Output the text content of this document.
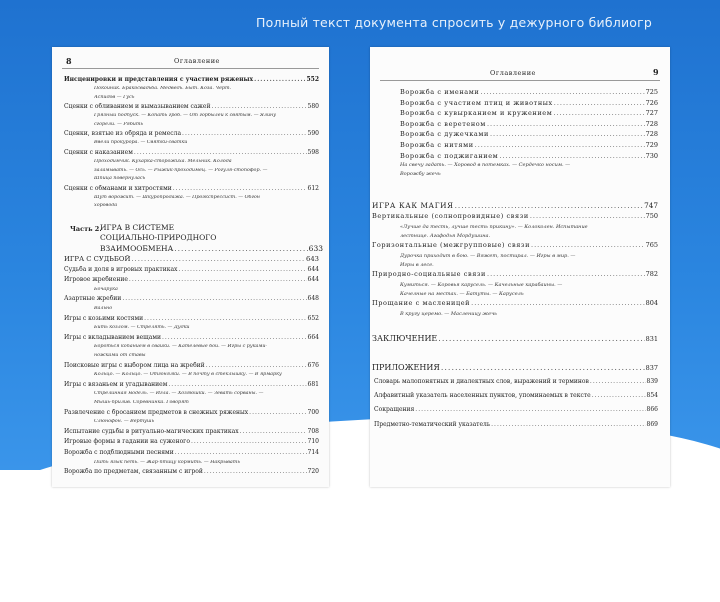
Полный текст документа спросить у дежурного библиогр
8	Оглавление
Инсценировки и представления с участием ряженых .....	552
Покойник. Бракосвадьба. Медведь. Быт. Коза. Черт.
Аспидов — Гусь
Сценки с обливанием и вымазыванием сажей .....	580
Грязный подпуск. — Копать гроб. — От горбылей к святым. — Ялину
сгорели. — Рябить
Сценки, взятые из обряда и ремесла .....	590
Ввели прокурора. — Святки-сватки
Сценки с наказанием .....	598
Проходимчик. Кухарка-сторожиха. Мельник. Колода
заламывать. — Ось. — Рыжик-проходимец. — Рогуля-стопофор. —
Шпица повернулась
Сценки с обманами и хитростями .....	612
Шут ворожит. — Шкуропродажа. — Проэкспрессист. — Обгон
хоровода
Часть 2.
ИГРА В СИСТЕМЕ
СОЦИАЛЬНО-ПРИРОДНОГО
ВЗАИМООБМЕНА .....	633
ИГРА С СУДЬБОЙ .....	643
Судьба и доля в игровых практиках .....	644
Игровое жребиение .....	644
Бочарука
Азартные жребии .....	648
Вально
Игры с козьими костями .....	652
Бить козлом. — Стрелять. — Дудки
Игры с вкладыванием вещами .....	664
Бороться копанием в свайки. — Кателевые бои. — Игры с руками-
ножками от ставы
Поисковые игры с выбором лица на жребий .....	676
Кольцо. — Кольцо. — Отгонялки. — В почту в стеклышку. — В ярмарку
Игры с вязаньем и угадыванием .....	681
Стрелинная модель. — Игла. — Хозяюшки. — Зевать сорваны. —
Мышь-прилив. Соревнинка. Говорят
Развлечение с бросанием предметов в снежных ряженых .....	700
Слюнофон. — Вертушь
Испытание судьбы в ритуально-магических практиках .....	708
Игровые формы в гадании на суженого .....	710
Ворожба с подблюдными песнями .....	714
Пить язык петь. — Жар-птицу кормить. — Накрывать
Ворожба по предметам, связанным с игрой .....	720
Оглавление	9
Ворожба с именами .....	725
Ворожба с участием птиц и животных .....	726
Ворожба с кувырканием и кружением .....	727
Ворожба с веретеном .....	728
Ворожба с дужечками .....	728
Ворожба с нитями .....	729
Ворожба с поджиганием .....	730
На свечу гадать. — Хоровод в потемках. — Сердечко носим. —
Ворожбу жечь
ИГРА КАК МАГИЯ .....	747
Вертикальные (солнопровидные) связи .....	750
«Лучше да тесть, лучше тесть прикину». — Колоколен. Испытание
лестнице. Агафодья Мордушина.
Горизонтальные (межгрупповые) связи .....	765
Дурочка приходит в бою. — Вяжет, постирал. — Игры в мир. —
Игры в лесе.
Природно-социальные связи .....	782
Кумиться. — Коровья карусель. — Качельные карабаины. —
Качелные на местах. — Батуты. — Карусель
Прощание с масленицей .....	804
В кругу церемо. — Масленицу жечь
ЗАКЛЮЧЕНИЕ .....	831
ПРИЛОЖЕНИЯ .....	837
Словарь малопонятных и диалектных слов, выражений и терминов .....	839
Алфавитный указатель населенных пунктов, упоминаемых в тексте .....	854
Сокращения .....	866
Предметно-тематический указатель .....	869
